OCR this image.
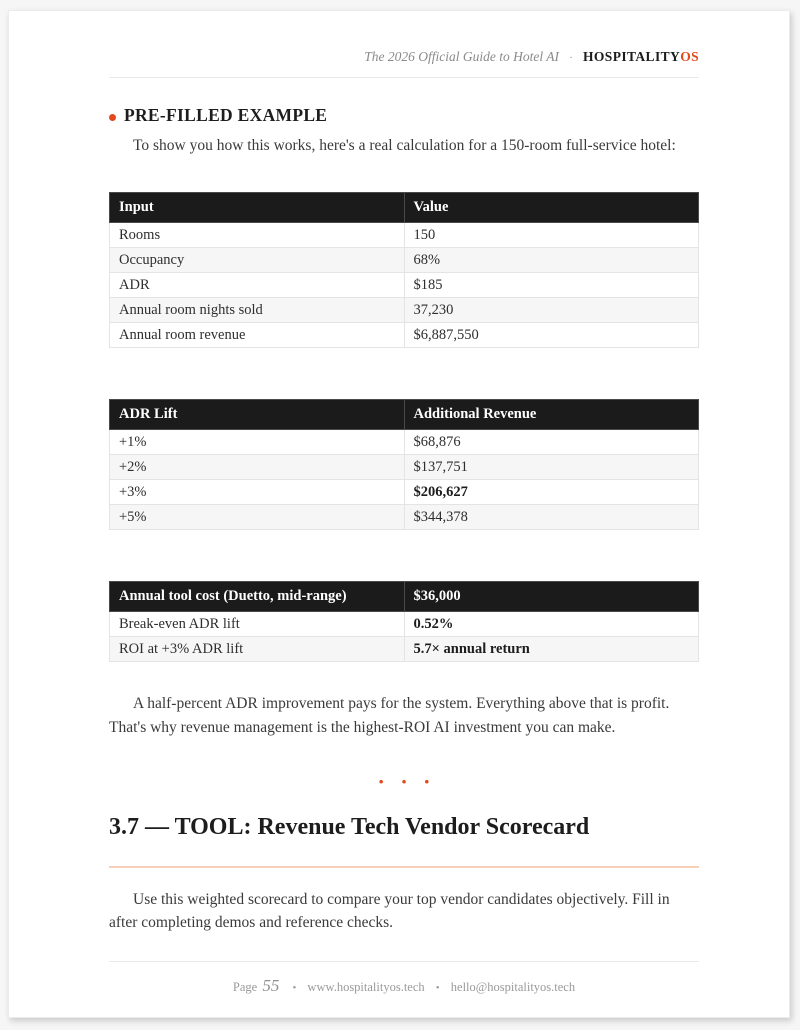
The 2026 Official Guide to Hotel AI · HOSPITALITYOS
PRE-FILLED EXAMPLE

To show you how this works, here's a real calculation for a 150-room full-service hotel:

Input	Value
Rooms	150
Occupancy	68%
ADR	$185
Annual room nights sold	37,230
Annual room revenue	$6,887,550
ADR Lift	Additional Revenue
+1%	$68,876
+2%	$137,751
+3%	$206,627
+5%	$344,378
Annual tool cost (Duetto, mid-range)	$36,000
Break-even ADR lift	0.52%
ROI at +3% ADR lift	5.7× annual return

A half-percent ADR improvement pays for the system. Everything above that is profit. That's why revenue management is the highest-ROI AI investment you can make.

· · ·

3.7 — TOOL: Revenue Tech Vendor Scorecard

Use this weighted scorecard to compare your top vendor candidates objectively. Fill in after completing demos and reference checks.

Page 55 • www.hospitalityos.tech • hello@hospitalityos.tech
